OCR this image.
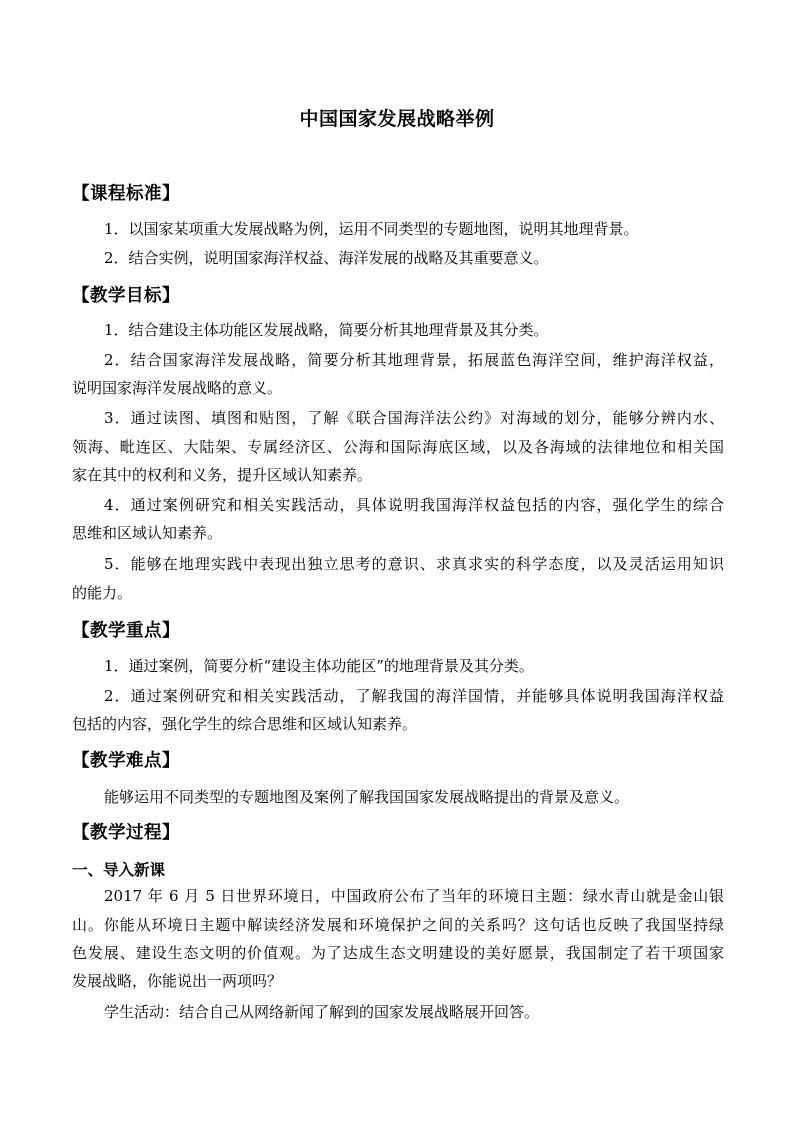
中国国家发展战略举例
【课程标准】
1．以国家某项重大发展战略为例，运用不同类型的专题地图，说明其地理背景。
2．结合实例，说明国家海洋权益、海洋发展的战略及其重要意义。
【教学目标】
1．结合建设主体功能区发展战略，简要分析其地理背景及其分类。
2．结合国家海洋发展战略，简要分析其地理背景，拓展蓝色海洋空间，维护海洋权益，
说明国家海洋发展战略的意义。
3．通过读图、填图和贴图，了解《联合国海洋法公约》对海域的划分，能够分辨内水、
领海、毗连区、大陆架、专属经济区、公海和国际海底区域，以及各海域的法律地位和相关国
家在其中的权利和义务，提升区域认知素养。
4．通过案例研究和相关实践活动，具体说明我国海洋权益包括的内容，强化学生的综合
思维和区域认知素养。
5．能够在地理实践中表现出独立思考的意识、求真求实的科学态度，以及灵活运用知识
的能力。
【教学重点】
1．通过案例，简要分析“建设主体功能区”的地理背景及其分类。
2．通过案例研究和相关实践活动，了解我国的海洋国情，并能够具体说明我国海洋权益
包括的内容，强化学生的综合思维和区域认知素养。
【教学难点】
能够运用不同类型的专题地图及案例了解我国国家发展战略提出的背景及意义。
【教学过程】
一、导入新课
2017 年 6 月 5 日世界环境日，中国政府公布了当年的环境日主题：绿水青山就是金山银
山。你能从环境日主题中解读经济发展和环境保护之间的关系吗？这句话也反映了我国坚持绿
色发展、建设生态文明的价值观。为了达成生态文明建设的美好愿景，我国制定了若干项国家
发展战略，你能说出一两项吗？
学生活动：结合自己从网络新闻了解到的国家发展战略展开回答。
